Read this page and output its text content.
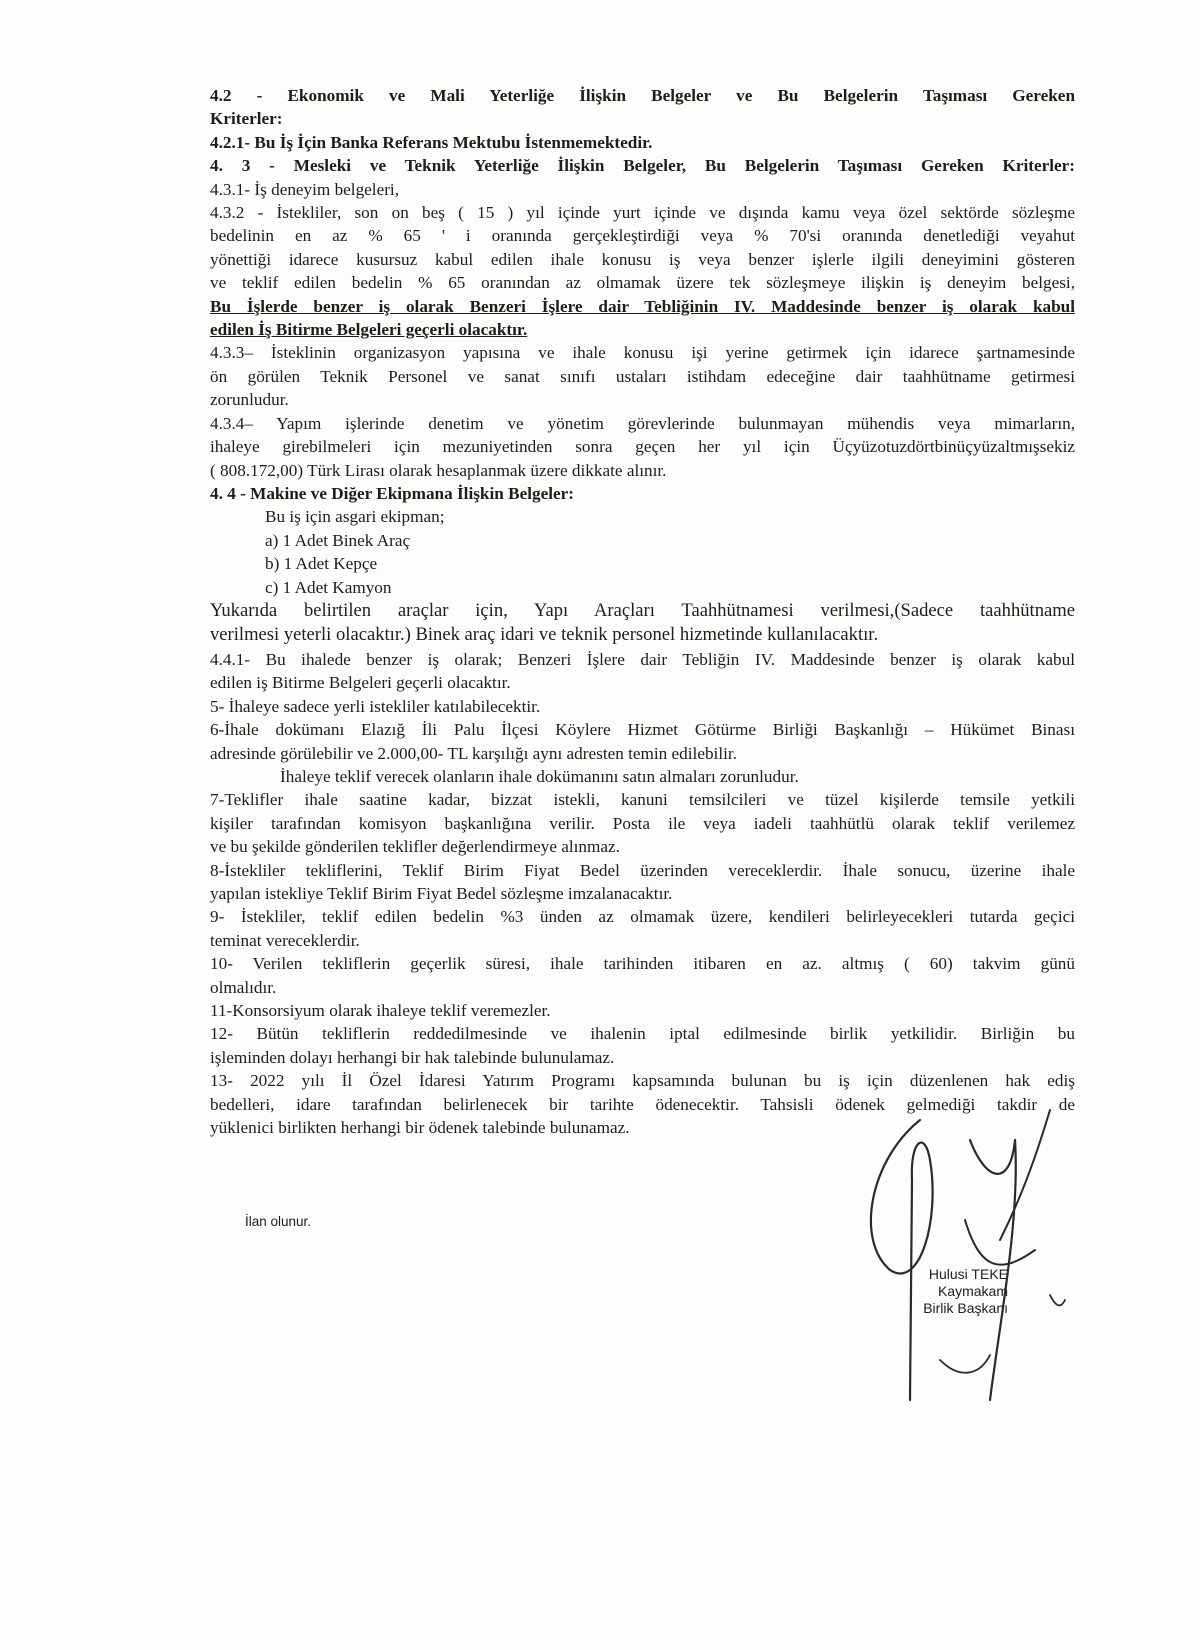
4.2 - Ekonomik ve Mali Yeterliğe İlişkin Belgeler ve Bu Belgelerin Taşıması Gereken
Kriterler:
4.2.1- Bu İş İçin Banka Referans Mektubu İstenmemektedir.
4. 3 - Mesleki ve Teknik Yeterliğe İlişkin Belgeler, Bu Belgelerin Taşıması Gereken Kriterler:
4.3.1- İş deneyim belgeleri,
4.3.2 - İstekliler, son on beş ( 15 ) yıl içinde yurt içinde ve dışında kamu veya özel sektörde sözleşme
bedelinin en az % 65 ' i oranında gerçekleştirdiği veya % 70'si oranında denetlediği veyahut
yönettiği idarece kusursuz kabul edilen ihale konusu iş veya benzer işlerle ilgili deneyimini gösteren
ve teklif edilen bedelin % 65 oranından az olmamak üzere tek sözleşmeye ilişkin iş deneyim belgesi,
Bu İşlerde benzer iş olarak Benzeri İşlere dair Tebliğinin IV. Maddesinde benzer iş olarak kabul
edilen İş Bitirme Belgeleri geçerli olacaktır.
4.3.3– İsteklinin organizasyon yapısına ve ihale konusu işi yerine getirmek için idarece şartnamesinde
ön görülen Teknik Personel ve sanat sınıfı ustaları istihdam edeceğine dair taahhütname getirmesi
zorunludur.
4.3.4– Yapım işlerinde denetim ve yönetim görevlerinde bulunmayan mühendis veya mimarların,
ihaleye girebilmeleri için mezuniyetinden sonra geçen her yıl için Üçyüzotuzdörtbinüçyüzaltmışsekiz
( 808.172,00) Türk Lirası olarak hesaplanmak üzere dikkate alınır.
4. 4 - Makine ve Diğer Ekipmana İlişkin Belgeler:
Bu iş için asgari ekipman;
a) 1 Adet Binek Araç
b) 1 Adet Kepçe
c) 1 Adet Kamyon
Yukarıda belirtilen araçlar için, Yapı Araçları Taahhütnamesi verilmesi,(Sadece taahhütname
verilmesi yeterli olacaktır.) Binek araç idari ve teknik personel hizmetinde kullanılacaktır.
4.4.1- Bu ihalede benzer iş olarak; Benzeri İşlere dair Tebliğin IV. Maddesinde benzer iş olarak kabul
edilen iş Bitirme Belgeleri geçerli olacaktır.
5- İhaleye sadece yerli istekliler katılabilecektir.
6-İhale dokümanı Elazığ İli Palu İlçesi Köylere Hizmet Götürme Birliği Başkanlığı – Hükümet Binası
adresinde görülebilir ve 2.000,00- TL karşılığı aynı adresten temin edilebilir.
İhaleye teklif verecek olanların ihale dokümanını satın almaları zorunludur.
7-Teklifler ihale saatine kadar, bizzat istekli, kanuni temsilcileri ve tüzel kişilerde temsile yetkili
kişiler tarafından komisyon başkanlığına verilir. Posta ile veya iadeli taahhütlü olarak teklif verilemez
ve bu şekilde gönderilen teklifler değerlendirmeye alınmaz.
8-İstekliler tekliflerini, Teklif Birim Fiyat Bedel üzerinden vereceklerdir. İhale sonucu, üzerine ihale
yapılan istekliye Teklif Birim Fiyat Bedel sözleşme imzalanacaktır.
9- İstekliler, teklif edilen bedelin %3 ünden az olmamak üzere, kendileri belirleyecekleri tutarda geçici
teminat vereceklerdir.
10- Verilen tekliflerin geçerlik süresi, ihale tarihinden itibaren en az. altmış ( 60) takvim günü
olmalıdır.
11-Konsorsiyum olarak ihaleye teklif veremezler.
12- Bütün tekliflerin reddedilmesinde ve ihalenin iptal edilmesinde birlik yetkilidir. Birliğin bu
işleminden dolayı herhangi bir hak talebinde bulunulamaz.
13- 2022 yılı İl Özel İdaresi Yatırım Programı kapsamında bulunan bu iş için düzenlenen hak ediş
bedelleri, idare tarafından belirlenecek bir tarihte ödenecektir. Tahsisli ödenek gelmediği takdir de
yüklenici birlikten herhangi bir ödenek talebinde bulunamaz.
İlan olunur.
Hulusi TEKE
Kaymakam
Birlik Başkanı
